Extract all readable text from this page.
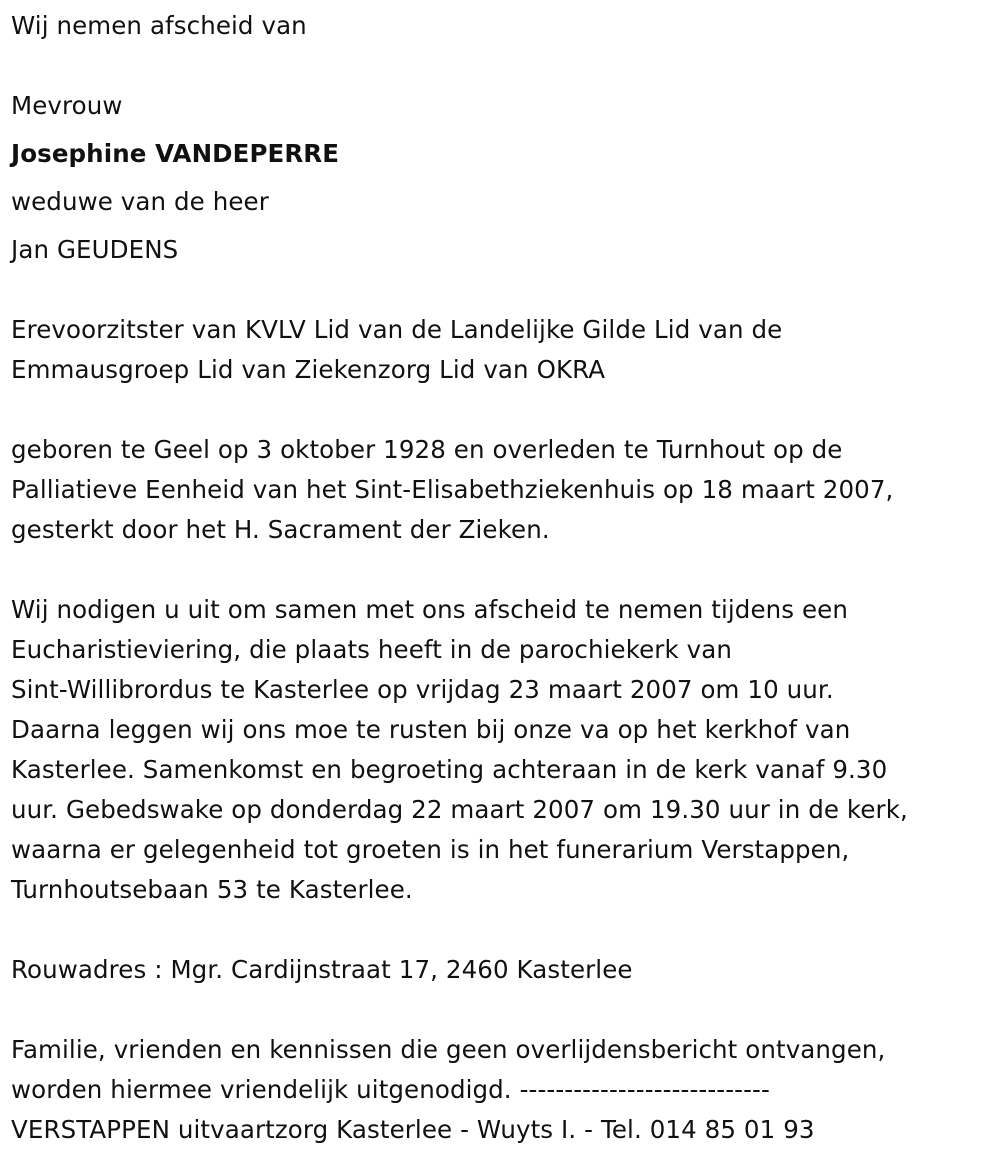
Wij nemen afscheid van
Mevrouw
Josephine VANDEPERRE
weduwe van de heer
Jan GEUDENS
Erevoorzitster van KVLV Lid van de Landelijke Gilde Lid van de
Emmausgroep Lid van Ziekenzorg Lid van OKRA
geboren te Geel op 3 oktober 1928 en overleden te Turnhout op de
Palliatieve Eenheid van het Sint-Elisabethziekenhuis op 18 maart 2007,
gesterkt door het H. Sacrament der Zieken.
Wij nodigen u uit om samen met ons afscheid te nemen tijdens een
Eucharistieviering, die plaats heeft in de parochiekerk van
Sint-Willibrordus te Kasterlee op vrijdag 23 maart 2007 om 10 uur.
Daarna leggen wij ons moe te rusten bij onze va op het kerkhof van
Kasterlee. Samenkomst en begroeting achteraan in de kerk vanaf 9.30
uur. Gebedswake op donderdag 22 maart 2007 om 19.30 uur in de kerk,
waarna er gelegenheid tot groeten is in het funerarium Verstappen,
Turnhoutsebaan 53 te Kasterlee.
Rouwadres : Mgr. Cardijnstraat 17, 2460 Kasterlee
Familie, vrienden en kennissen die geen overlijdensbericht ontvangen,
worden hiermee vriendelijk uitgenodigd. ----------------------------
VERSTAPPEN uitvaartzorg Kasterlee - Wuyts I. - Tel. 014 85 01 93
